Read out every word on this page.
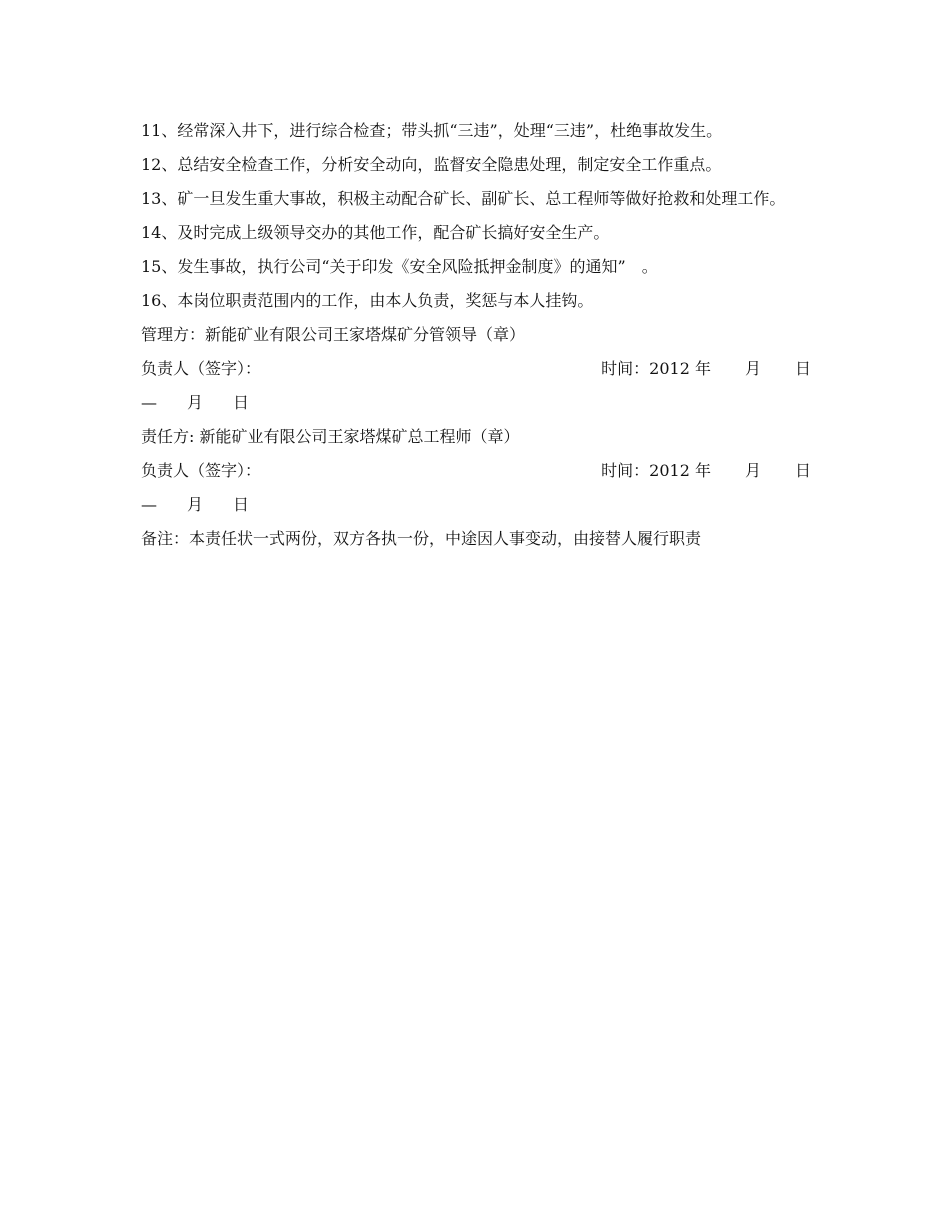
11、经常深入井下，进行综合检查；带头抓“三违”，处理“三违”，杜绝事故发生。
12、总结安全检查工作，分析安全动向，监督安全隐患处理，制定安全工作重点。
13、矿一旦发生重大事故，积极主动配合矿长、副矿长、总工程师等做好抢救和处理工作。
14、及时完成上级领导交办的其他工作，配合矿长搞好安全生产。
15、发生事故，执行公司“关于印发《安全风险抵押金制度》的通知”　。
16、本岗位职责范围内的工作，由本人负责，奖惩与本人挂钩。
管理方：新能矿业有限公司王家塔煤矿分管领导（章）
负责人（签字）：	时间：2012 年 月 日
— 月 日
责任方: 新能矿业有限公司王家塔煤矿总工程师（章）
负责人（签字）：	时间：2012 年 月 日
— 月 日
备注：本责任状一式两份，双方各执一份，中途因人事变动，由接替人履行职责
